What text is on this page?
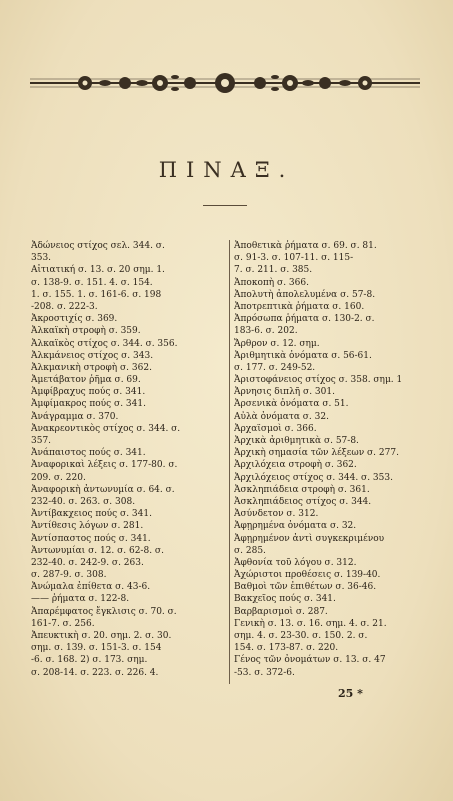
ΠΙΝΑΞ.
Ἀδώνειος στίχος σελ. 344. σ.
353.
Αἰτιατική σ. 13. σ. 20 σημ. 1.
σ. 138-9. σ. 151. 4. σ. 154.
1. σ. 155. 1. σ. 161-6. σ. 198
-208. σ. 222-3.
Ἀκροστιχίς σ. 369.
Ἀλκαϊκὴ στροφὴ σ. 359.
Ἀλκαϊκὸς στίχος σ. 344. σ. 356.
Ἀλκμάνειος στίχος σ. 343.
Ἀλκμανικὴ στροφὴ σ. 362.
Ἀμετάβατον ῥῆμα σ. 69.
Ἀμφίβραχυς πούς σ. 341.
Ἀμφίμακρος πούς σ. 341.
Ἀνάγραμμα σ. 370.
Ἀνακρεοντικὸς στίχος σ. 344. σ.
357.
Ἀνάπαιστος πούς σ. 341.
Ἀναφορικαὶ λέξεις σ. 177-80. σ.
209. σ. 220.
Ἀναφορικὴ ἀντωνυμία σ. 64. σ.
232-40. σ. 263. σ. 308.
Ἀντίβακχειος πούς σ. 341.
Ἀντίθεσις λόγων σ. 281.
Ἀντίσπαστος πούς σ. 341.
Ἀντωνυμίαι σ. 12. σ. 62-8. σ.
232-40. σ. 242-9. σ. 263.
σ. 287-9. σ. 308.
Ἀνώμαλα ἐπίθετα σ. 43-6.
—— ῥήματα σ. 122-8.
Ἀπαρέμφατος ἔγκλισις σ. 70. σ.
161-7. σ. 256.
Ἀπευκτικὴ σ. 20. σημ. 2. σ. 30.
σημ. σ. 139. σ. 151-3. σ. 154
-6. σ. 168. 2) σ. 173. σημ.
σ. 208-14. σ. 223. σ. 226. 4.
Ἀποθετικὰ ῥήματα σ. 69. σ. 81.
σ. 91-3. σ. 107-11. σ. 115-
7. σ. 211. σ. 385.
Ἀποκοπὴ σ. 366.
Ἀπολυτὴ ἀπολελυμένα σ. 57-8.
Ἀποτρεπτικὰ ῥήματα σ. 160.
Ἀπρόσωπα ῥήματα σ. 130-2. σ.
183-6. σ. 202.
Ἄρθρον σ. 12. σημ.
Ἀριθμητικὰ ὀνόματα σ. 56-61.
σ. 177. σ. 249-52.
Ἀριστοφάνειος στίχος σ. 358. σημ. 1
Ἀρνησις διπλῆ σ. 301.
Ἀρσενικὰ ὀνόματα σ. 51.
Αὐλὰ ὀνόματα σ. 32.
Ἀρχαϊσμοὶ σ. 366.
Ἀρχικὰ ἀριθμητικὰ σ. 57-8.
Ἀρχικὴ σημασία τῶν λέξεων σ. 277.
Ἀρχιλόχεια στροφὴ σ. 362.
Ἀρχιλόχειος στίχος σ. 344. σ. 353.
Ἀσκληπιάδεια στροφὴ σ. 361.
Ἀσκληπιάδειος στίχος σ. 344.
Ἀσύνδετον σ. 312.
Ἀφῃρημένα ὀνόματα σ. 32.
Ἀφῃρημένον ἀντὶ συγκεκριμένου
σ. 285.
Ἀφθονία τοῦ λόγου σ. 312.
Ἀχώριστοι προθέσεις σ. 139-40.
Βαθμοὶ τῶν ἐπιθέτων σ. 36-46.
Βακχεῖος πούς σ. 341.
Βαρβαρισμοὶ σ. 287.
Γενικὴ σ. 13. σ. 16. σημ. 4. σ. 21.
σημ. 4. σ. 23-30. σ. 150. 2. σ.
154. σ. 173-87. σ. 220.
Γένος τῶν ὀνομάτων σ. 13. σ. 47
-53. σ. 372-6.
25 *
